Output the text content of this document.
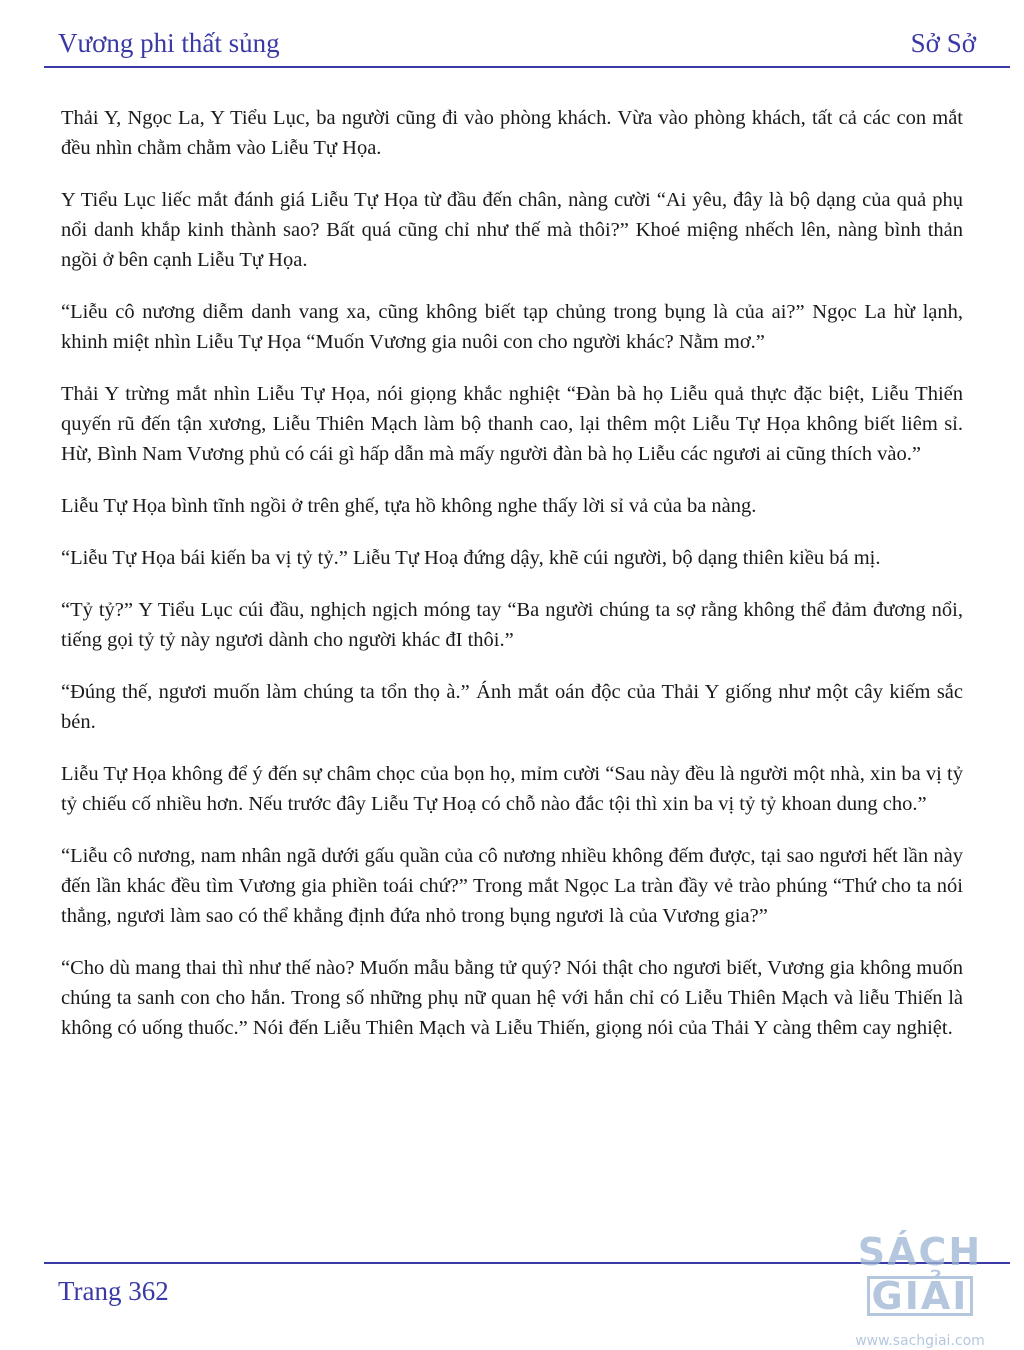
Vương phi thất sủng	Sở Sở

Thải Y, Ngọc La, Y Tiểu Lục, ba người cũng đi vào phòng khách. Vừa vào phòng khách, tất cả các con mắt đều nhìn chằm chằm vào Liễu Tự Họa.

Y Tiểu Lục liếc mắt đánh giá Liễu Tự Họa từ đầu đến chân, nàng cười “Ai yêu, đây là bộ dạng của quả phụ nổi danh khắp kinh thành sao? Bất quá cũng chỉ như thế mà thôi?” Khoé miệng nhếch lên, nàng bình thản ngồi ở bên cạnh Liễu Tự Họa.

“Liễu cô nương diễm danh vang xa, cũng không biết tạp chủng trong bụng là của ai?” Ngọc La hừ lạnh, khinh miệt nhìn Liễu Tự Họa “Muốn Vương gia nuôi con cho người khác? Nằm mơ.”

Thải Y trừng mắt nhìn Liễu Tự Họa, nói giọng khắc nghiệt “Đàn bà họ Liễu quả thực đặc biệt, Liễu Thiến quyến rũ đến tận xương, Liễu Thiên Mạch làm bộ thanh cao, lại thêm một Liễu Tự Họa không biết liêm sỉ. Hừ, Bình Nam Vương phủ có cái gì hấp dẫn mà mấy người đàn bà họ Liễu các ngươi ai cũng thích vào.”

Liễu Tự Họa bình tĩnh ngồi ở trên ghế, tựa hồ không nghe thấy lời sỉ vả của ba nàng.

“Liễu Tự Họa bái kiến ba vị tỷ tỷ.” Liễu Tự Hoạ đứng dậy, khẽ cúi người, bộ dạng thiên kiều bá mị.

“Tỷ tỷ?” Y Tiểu Lục cúi đầu, nghịch ngịch móng tay “Ba người chúng ta sợ rằng không thể đảm đương nổi, tiếng gọi tỷ tỷ này ngươi dành cho người khác đI thôi.”

“Đúng thế, ngươi muốn làm chúng ta tổn thọ à.” Ánh mắt oán độc của Thải Y giống như một cây kiếm sắc bén.

Liễu Tự Họa không để ý đến sự châm chọc của bọn họ, mỉm cười “Sau này đều là người một nhà, xin ba vị tỷ tỷ chiếu cố nhiều hơn. Nếu trước đây Liễu Tự Hoạ có chỗ nào đắc tội thì xin ba vị tỷ tỷ khoan dung cho.”

“Liễu cô nương, nam nhân ngã dưới gấu quần của cô nương nhiều không đếm được, tại sao ngươi hết lần này đến lần khác đều tìm Vương gia phiền toái chứ?” Trong mắt Ngọc La tràn đầy vẻ trào phúng “Thứ cho ta nói thẳng, ngươi làm sao có thể khẳng định đứa nhỏ trong bụng ngươi là của Vương gia?”

“Cho dù mang thai thì như thế nào? Muốn mẫu bằng tử quý? Nói thật cho ngươi biết, Vương gia không muốn chúng ta sanh con cho hắn. Trong số những phụ nữ quan hệ với hắn chỉ có Liễu Thiên Mạch và liễu Thiến là không có uống thuốc.” Nói đến Liễu Thiên Mạch và Liễu Thiến, giọng nói của Thải Y càng thêm cay nghiệt.

Trang 362
SÁCHGIẢI
www.sachgiai.com
